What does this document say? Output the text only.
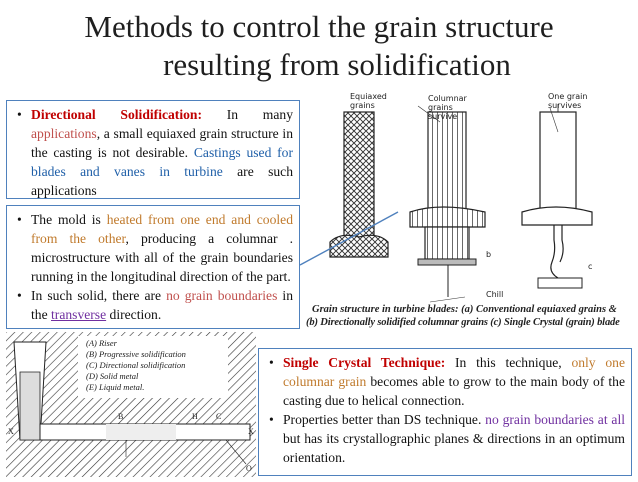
Methods to control the grain structure
resulting from solidification

• Directional Solidification: In many applications, a small equiaxed grain structure in the casting is not desirable. Castings used for blades and vanes in turbine are such applications

• The mold is heated from one end and cooled from the other, producing a columnar . microstructure with all of the grain boundaries running in the longitudinal direction of the part.

• In such solid, there are no grain boundaries in the transverse direction.

• Single Crystal Technique: In this technique, only one columnar grain becomes able to grow to the main body of the casting due to helical connection.

• Properties better than DS technique. no grain boundaries at all but has its crystallographic planes & directions in an optimum orientation.

Equiaxed grains
Columnar grains survive
One grain survives
Chill
b
c
Grain structure in turbine blades: (a) Conventional equiaxed grains &
(b) Directionally solidified columnar grains (c) Single Crystal (grain) blade
(A) Riser
(B) Progressive solidification
(C) Directional solidification
(D) Solid metal
(E) Liquid metal.
B	H C
X	X
O
